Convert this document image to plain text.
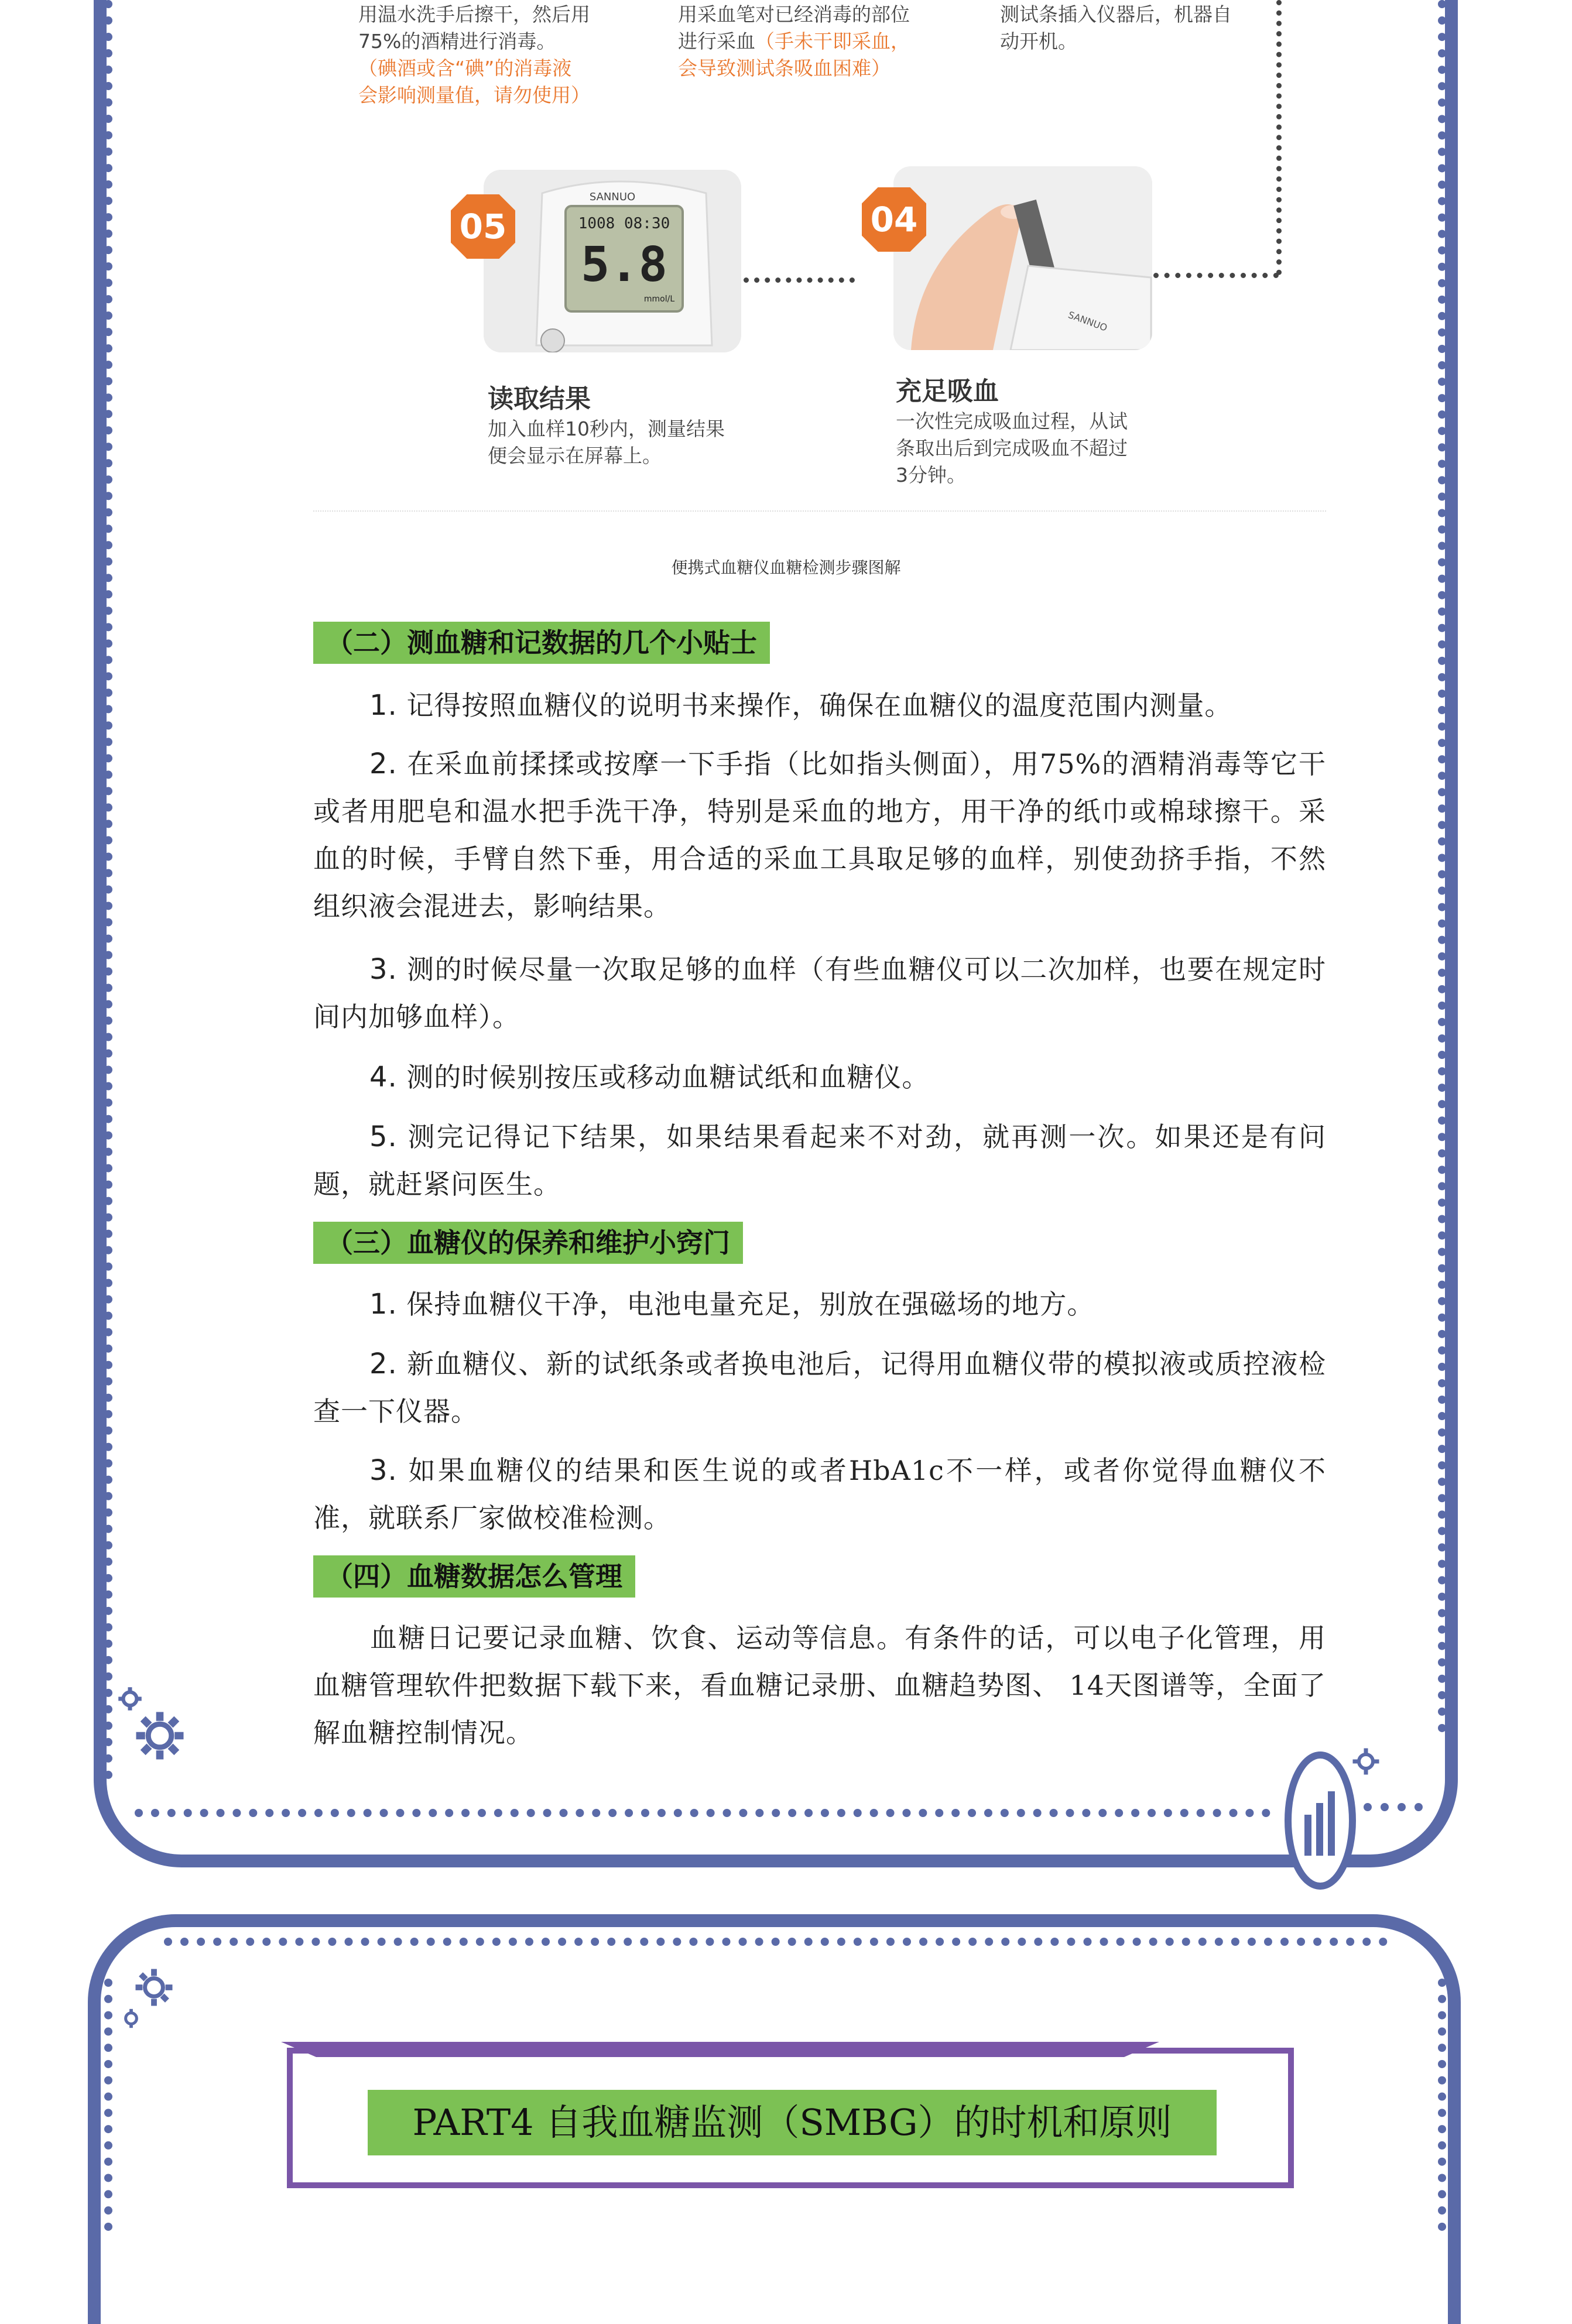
用温水洗手后擦干，然后用
75%的酒精进行消毒。
（碘酒或含“碘”的消毒液
会影响测量值，请勿使用）
用采血笔对已经消毒的部位
进行采血（手未干即采血，
会导致测试条吸血困难）
测试条插入仪器后，机器自
动开机。
SANNUO
1008 08:30
5.8
mmol/L
05
SANNUO
04
读取结果
加入血样10秒内，测量结果
便会显示在屏幕上。
充足吸血
一次性完成吸血过程，从试
条取出后到完成吸血不超过
3分钟。
便携式血糖仪血糖检测步骤图解
（二）测血糖和记数据的几个小贴士
1. 记得按照血糖仪的说明书来操作，确保在血糖仪的温度范围内测量。
2. 在采血前揉揉或按摩一下手指（比如指头侧面），用75%的酒精消毒等它干或者用肥皂和温水把手洗干净，特别是采血的地方，用干净的纸巾或棉球擦干。采血的时候，手臂自然下垂，用合适的采血工具取足够的血样，别使劲挤手指，不然组织液会混进去，影响结果。
3. 测的时候尽量一次取足够的血样（有些血糖仪可以二次加样，也要在规定时间内加够血样）。
4. 测的时候别按压或移动血糖试纸和血糖仪。
5. 测完记得记下结果，如果结果看起来不对劲，就再测一次。如果还是有问题，就赶紧问医生。
（三）血糖仪的保养和维护小窍门
1. 保持血糖仪干净，电池电量充足，别放在强磁场的地方。
2. 新血糖仪、新的试纸条或者换电池后，记得用血糖仪带的模拟液或质控液检查一下仪器。
3. 如果血糖仪的结果和医生说的或者HbA1c不一样，或者你觉得血糖仪不准，就联系厂家做校准检测。
（四）血糖数据怎么管理
血糖日记要记录血糖、饮食、运动等信息。有条件的话，可以电子化管理，用血糖管理软件把数据下载下来，看血糖记录册、血糖趋势图、 14天图谱等，全面了解血糖控制情况。
PART4 自我血糖监测（SMBG）的时机和原则
